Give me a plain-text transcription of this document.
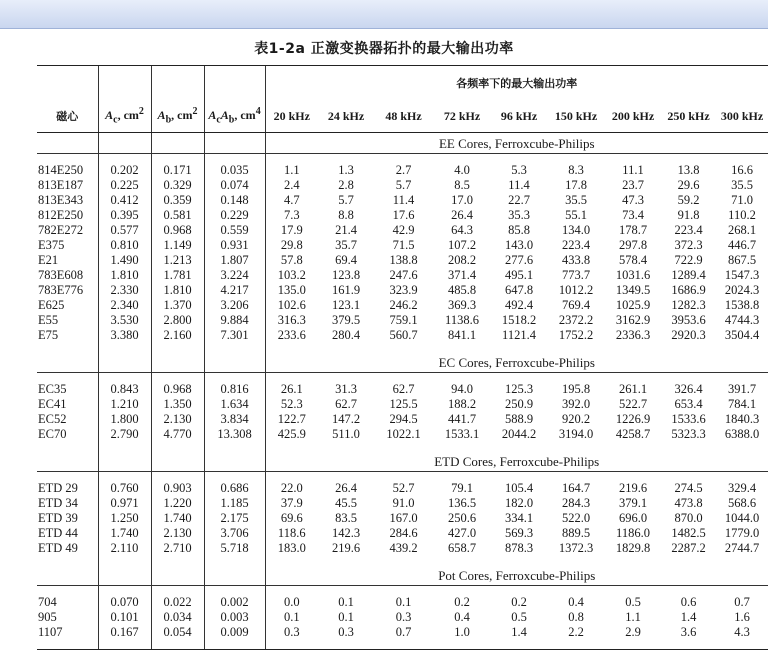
表1-2a 正激变换器拓扑的最大输出功率
				各频率下的最大输出功率								
磁心	$A_c$, $cm^2$	$A_b$, $cm^2$	$A_cA_b$, $cm^4$	20 kHz	24 kHz	48 kHz	72 kHz	96 kHz	150 kHz	200 kHz	250 kHz	300 kHz
				EE Cores, Ferroxcube-Philips								

814E250	0.202	0.171	0.035	1.1	1.3	2.7	4.0	5.3	8.3	11.1	13.8	16.6
813E187	0.225	0.329	0.074	2.4	2.8	5.7	8.5	11.4	17.8	23.7	29.6	35.5
813E343	0.412	0.359	0.148	4.7	5.7	11.4	17.0	22.7	35.5	47.3	59.2	71.0
812E250	0.395	0.581	0.229	7.3	8.8	17.6	26.4	35.3	55.1	73.4	91.8	110.2
782E272	0.577	0.968	0.559	17.9	21.4	42.9	64.3	85.8	134.0	178.7	223.4	268.1
E375	0.810	1.149	0.931	29.8	35.7	71.5	107.2	143.0	223.4	297.8	372.3	446.7
E21	1.490	1.213	1.807	57.8	69.4	138.8	208.2	277.6	433.8	578.4	722.9	867.5
783E608	1.810	1.781	3.224	103.2	123.8	247.6	371.4	495.1	773.7	1031.6	1289.4	1547.3
783E776	2.330	1.810	4.217	135.0	161.9	323.9	485.8	647.8	1012.2	1349.5	1686.9	2024.3
E625	2.340	1.370	3.206	102.6	123.1	246.2	369.3	492.4	769.4	1025.9	1282.3	1538.8
E55	3.530	2.800	9.884	316.3	379.5	759.1	1138.6	1518.2	2372.2	3162.9	3953.6	4744.3
E75	3.380	2.160	7.301	233.6	280.4	560.7	841.1	1121.4	1752.2	2336.3	2920.3	3504.4

				EC Cores, Ferroxcube-Philips								

EC35	0.843	0.968	0.816	26.1	31.3	62.7	94.0	125.3	195.8	261.1	326.4	391.7
EC41	1.210	1.350	1.634	52.3	62.7	125.5	188.2	250.9	392.0	522.7	653.4	784.1
EC52	1.800	2.130	3.834	122.7	147.2	294.5	441.7	588.9	920.2	1226.9	1533.6	1840.3
EC70	2.790	4.770	13.308	425.9	511.0	1022.1	1533.1	2044.2	3194.0	4258.7	5323.3	6388.0

				ETD Cores, Ferroxcube-Philips								

ETD 29	0.760	0.903	0.686	22.0	26.4	52.7	79.1	105.4	164.7	219.6	274.5	329.4
ETD 34	0.971	1.220	1.185	37.9	45.5	91.0	136.5	182.0	284.3	379.1	473.8	568.6
ETD 39	1.250	1.740	2.175	69.6	83.5	167.0	250.6	334.1	522.0	696.0	870.0	1044.0
ETD 44	1.740	2.130	3.706	118.6	142.3	284.6	427.0	569.3	889.5	1186.0	1482.5	1779.0
ETD 49	2.110	2.710	5.718	183.0	219.6	439.2	658.7	878.3	1372.3	1829.8	2287.2	2744.7

				Pot Cores, Ferroxcube-Philips								

704	0.070	0.022	0.002	0.0	0.1	0.1	0.2	0.2	0.4	0.5	0.6	0.7
905	0.101	0.034	0.003	0.1	0.1	0.3	0.4	0.5	0.8	1.1	1.4	1.6
1107	0.167	0.054	0.009	0.3	0.3	0.7	1.0	1.4	2.2	2.9	3.6	4.3
